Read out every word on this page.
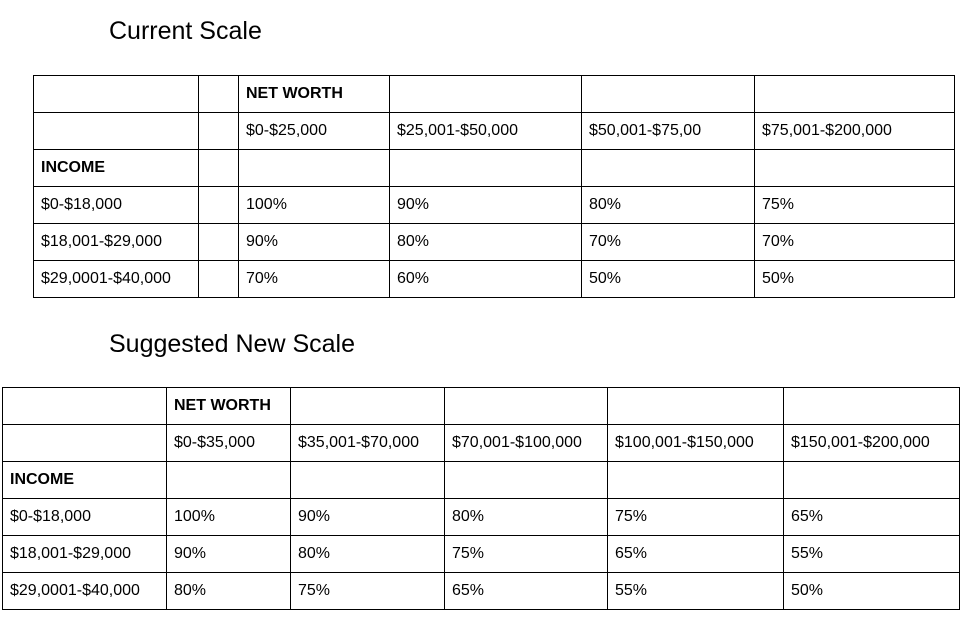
Current Scale
		NET WORTH			
		$0-$25,000	$25,001-$50,000	$50,001-$75,00	$75,001-$200,000
INCOME					
$0-$18,000		100%	90%	80%	75%
$18,001-$29,000		90%	80%	70%	70%
$29,0001-$40,000		70%	60%	50%	50%
Suggested New Scale
	NET WORTH				
	$0-$35,000	$35,001-$70,000	$70,001-$100,000	$100,001-$150,000	$150,001-$200,000
INCOME					
$0-$18,000	100%	90%	80%	75%	65%
$18,001-$29,000	90%	80%	75%	65%	55%
$29,0001-$40,000	80%	75%	65%	55%	50%
